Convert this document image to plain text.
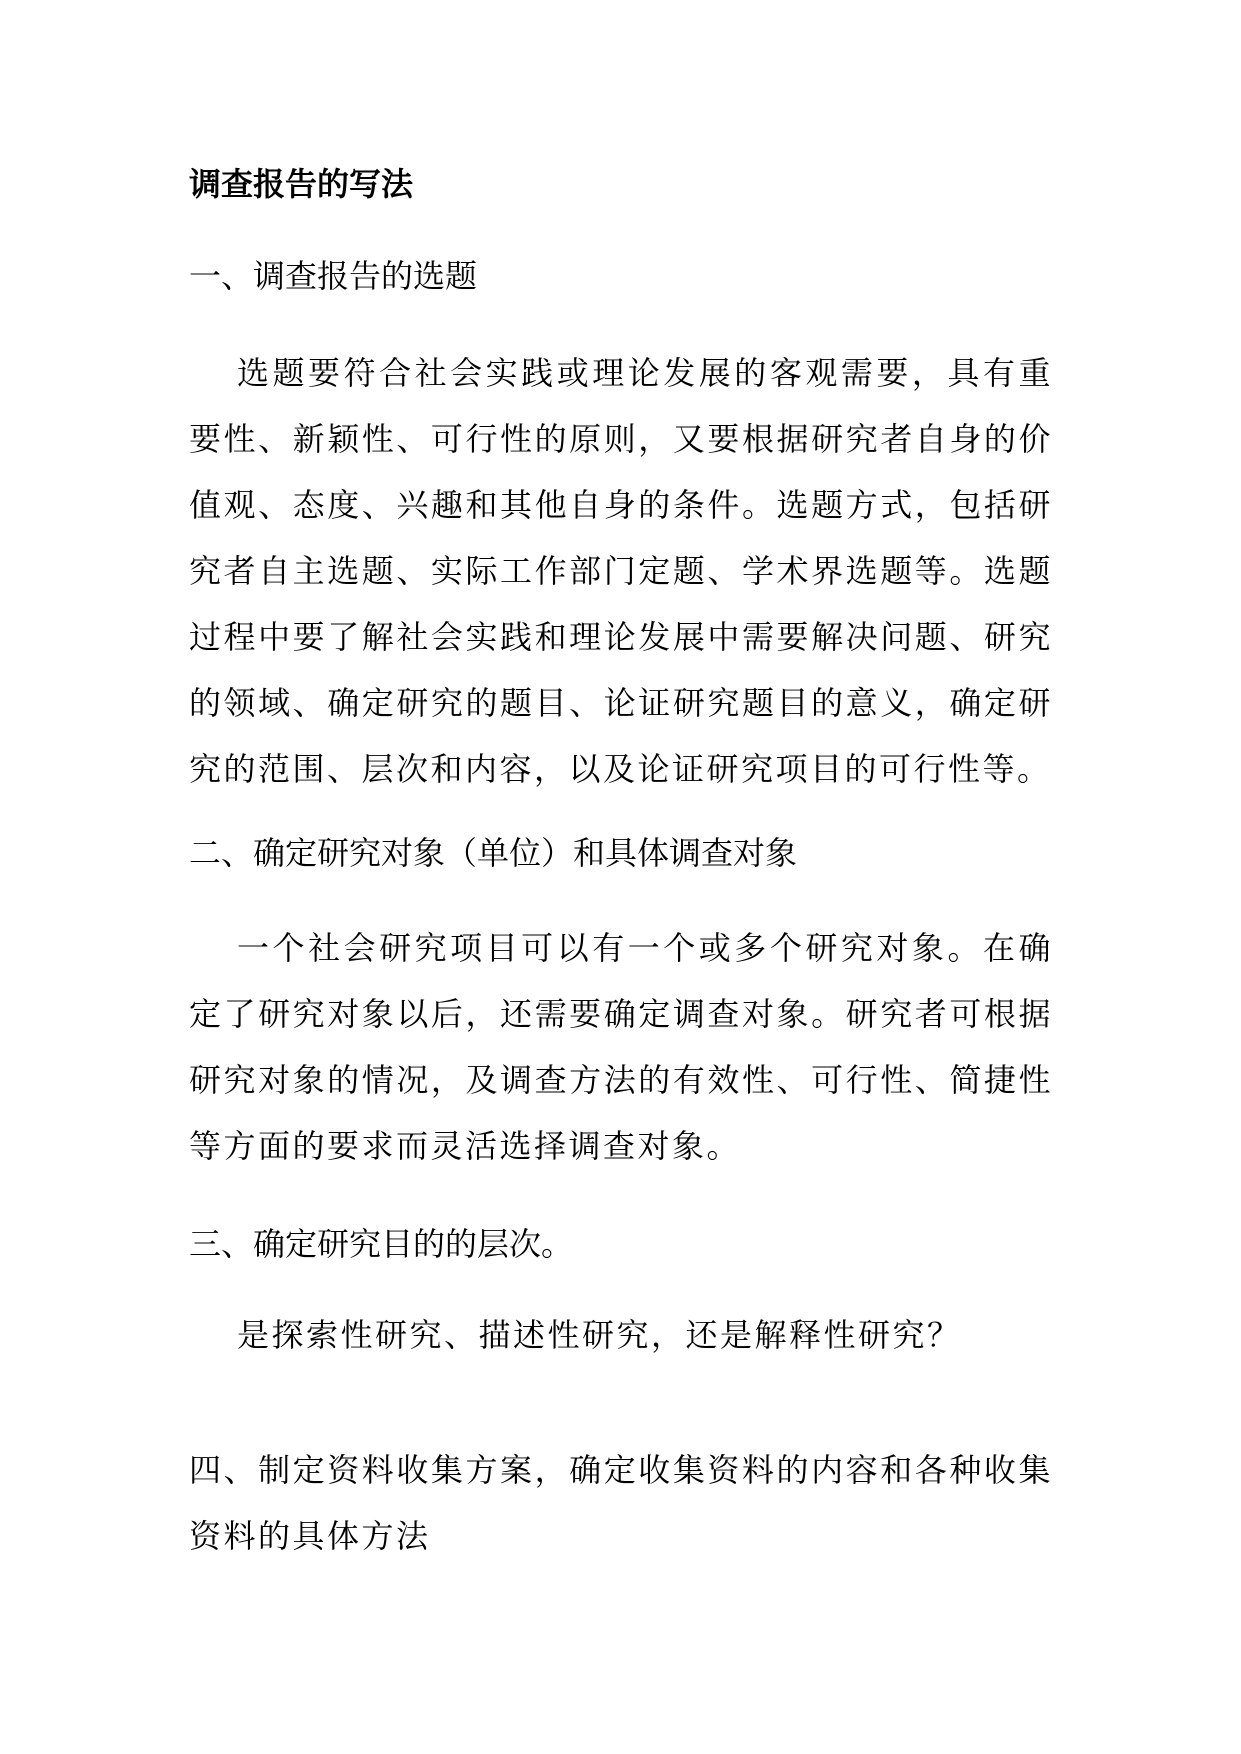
调查报告的写法
一、调查报告的选题
选题要符合社会实践或理论发展的客观需要，具有重要性、新颖性、可行性的原则，又要根据研究者自身的价值观、态度、兴趣和其他自身的条件。选题方式，包括研究者自主选题、实际工作部门定题、学术界选题等。选题过程中要了解社会实践和理论发展中需要解决问题、研究的领域、确定研究的题目、论证研究题目的意义，确定研究的范围、层次和内容，以及论证研究项目的可行性等。
二、确定研究对象（单位）和具体调查对象
一个社会研究项目可以有一个或多个研究对象。在确定了研究对象以后，还需要确定调查对象。研究者可根据研究对象的情况，及调查方法的有效性、可行性、简捷性等方面的要求而灵活选择调查对象。
三、确定研究目的的层次。
是探索性研究、描述性研究，还是解释性研究？
四、制定资料收集方案，确定收集资料的内容和各种收集资料的具体方法
